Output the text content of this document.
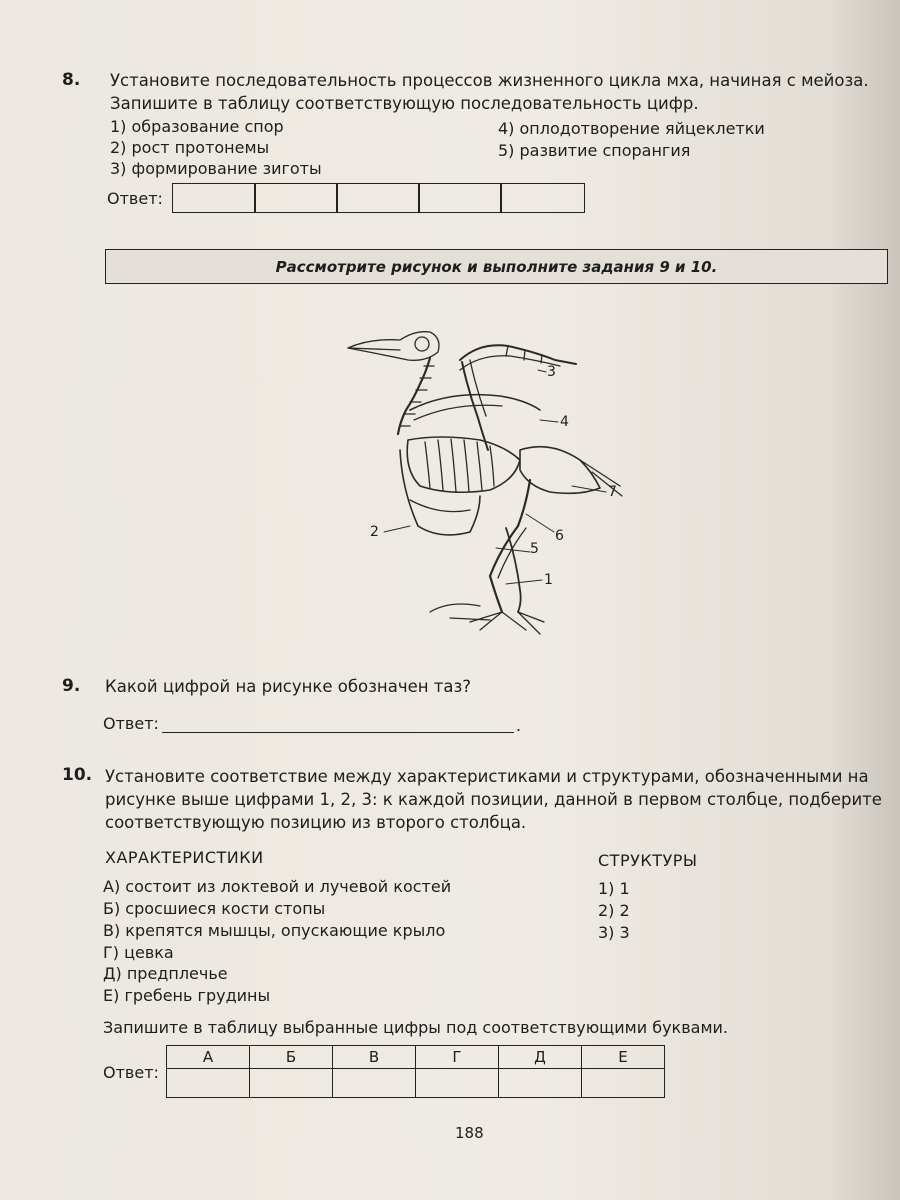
8. Установите последовательность процессов жизненного цикла мха, начиная с мейоза.
Запишите в таблицу соответствующую последовательность цифр.
1) образование спор
2) рост протонемы
3) формирование зиготы
4) оплодотворение яйцеклетки
5) развитие спорангия
Ответ:
Рассмотрите рисунок и выполните задания 9 и 10.
3
4
7
2	6
5
1
9. Какой цифрой на рисунке обозначен таз?
Ответ:	.
10. Установите соответствие между характеристиками и структурами, обозначенными на
рисунке выше цифрами 1, 2, 3: к каждой позиции, данной в первом столбце, подберите
соответствующую позицию из второго столбца.
ХАРАКТЕРИСТИКИ	СТРУКТУРЫ
А) состоит из локтевой и лучевой костей
Б) сросшиеся кости стопы
В) крепятся мышцы, опускающие крыло
Г) цевка
Д) предплечье
Е) гребень грудины
1) 1
2) 2
3) 3
Запишите в таблицу выбранные цифры под соответствующими буквами.
Ответ:
А	Б	В	Г	Д	Е

188
